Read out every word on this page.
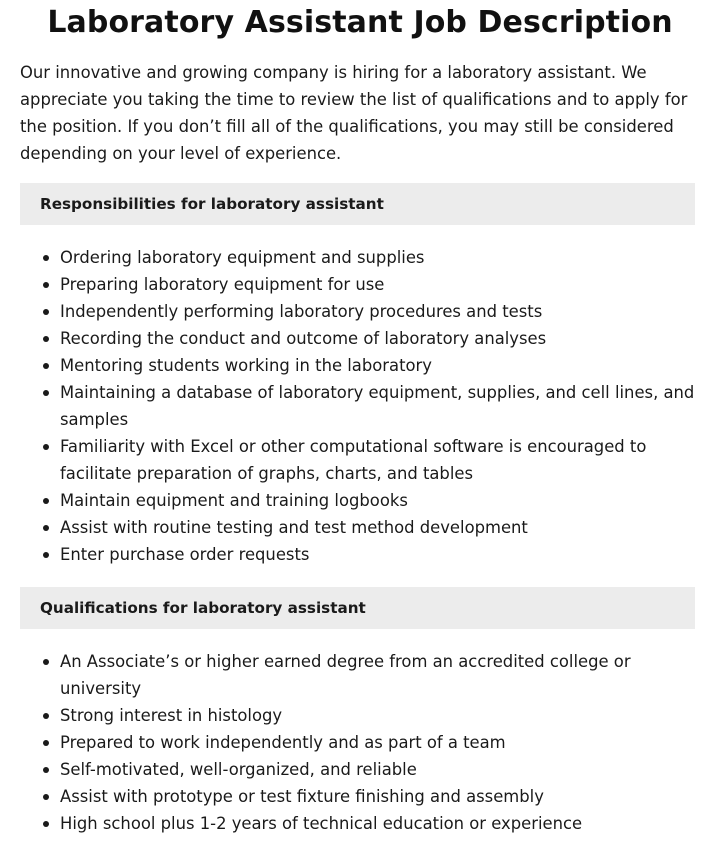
Laboratory Assistant Job Description

Our innovative and growing company is hiring for a laboratory assistant. We appreciate you taking the time to review the list of qualifications and to apply for the position. If you don’t fill all of the qualifications, you may still be considered depending on your level of experience.

Responsibilities for laboratory assistant
Ordering laboratory equipment and supplies
Preparing laboratory equipment for use
Independently performing laboratory procedures and tests
Recording the conduct and outcome of laboratory analyses
Mentoring students working in the laboratory
Maintaining a database of laboratory equipment, supplies, and cell lines, and samples
Familiarity with Excel or other computational software is encouraged to facilitate preparation of graphs, charts, and tables
Maintain equipment and training logbooks
Assist with routine testing and test method development
Enter purchase order requests
Qualifications for laboratory assistant
An Associate’s or higher earned degree from an accredited college or university
Strong interest in histology
Prepared to work independently and as part of a team
Self-motivated, well-organized, and reliable
Assist with prototype or test fixture finishing and assembly
High school plus 1-2 years of technical education or experience
